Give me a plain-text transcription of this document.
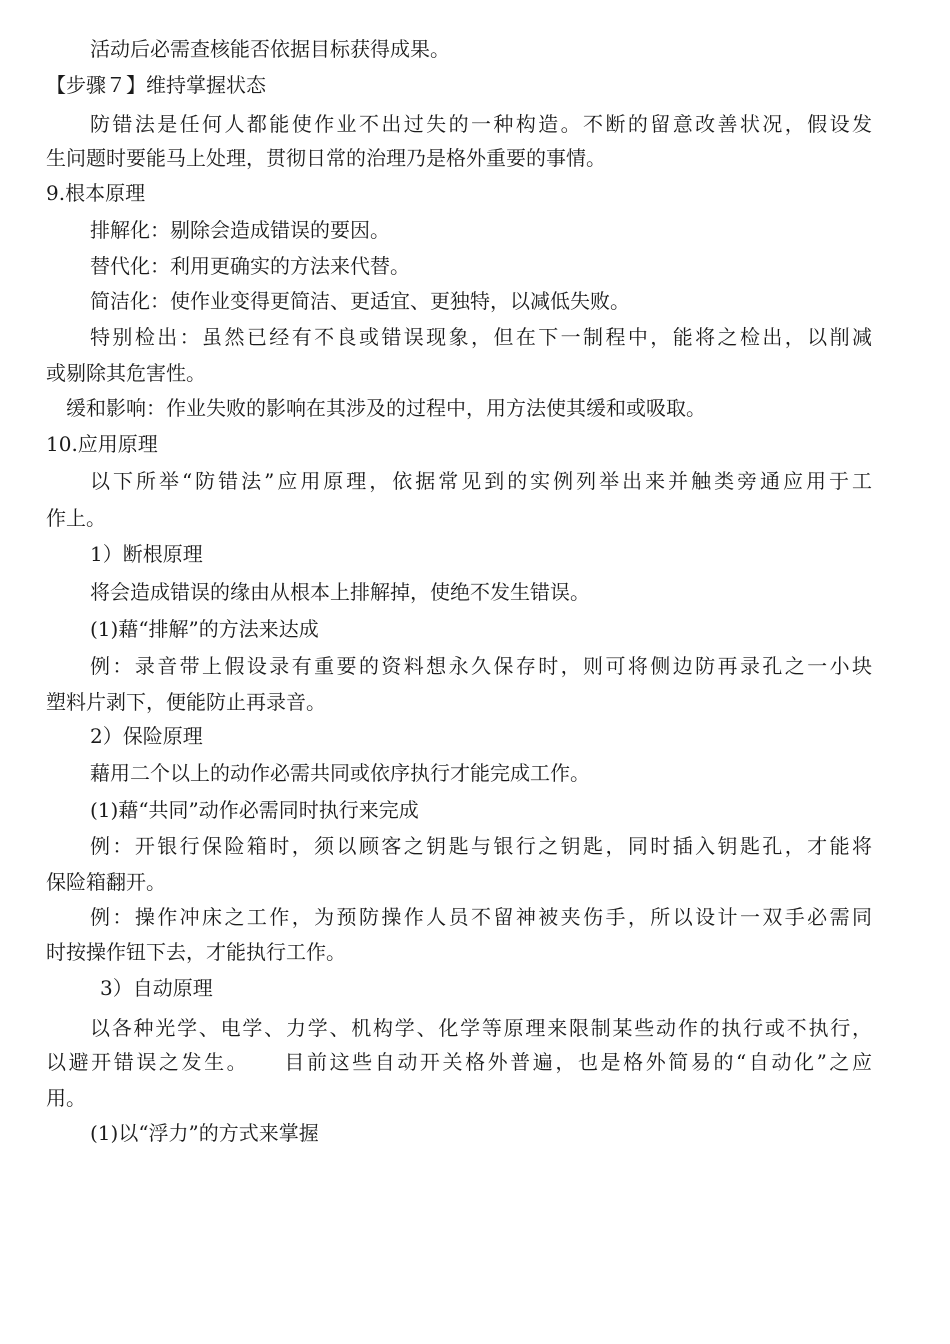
活动后必需查核能否依据目标获得成果。
【步骤７】维持掌握状态
防错法是任何人都能使作业不出过失的一种构造。不断的留意改善状况，假设发
生问题时要能马上处理，贯彻日常的治理乃是格外重要的事情。
9.根本原理
排解化：剔除会造成错误的要因。
替代化：利用更确实的方法来代替。
简洁化：使作业变得更简洁、更适宜、更独特，以减低失败。
特别检出：虽然已经有不良或错误现象，但在下一制程中，能将之检出，以削减
或剔除其危害性。
缓和影响：作业失败的影响在其涉及的过程中，用方法使其缓和或吸取。
10.应用原理
以下所举“防错法”应用原理，依据常见到的实例列举出来并触类旁通应用于工
作上。
1）断根原理
将会造成错误的缘由从根本上排解掉，使绝不发生错误。
(1)藉“排解”的方法来达成
例：录音带上假设录有重要的资料想永久保存时，则可将侧边防再录孔之一小块
塑料片剥下，便能防止再录音。
2）保险原理
藉用二个以上的动作必需共同或依序执行才能完成工作。
(1)藉“共同”动作必需同时执行来完成
例：开银行保险箱时，须以顾客之钥匙与银行之钥匙，同时插入钥匙孔，才能将
保险箱翻开。
例：操作冲床之工作，为预防操作人员不留神被夹伤手，所以设计一双手必需同
时按操作钮下去，才能执行工作。
3）自动原理
以各种光学、电学、力学、机构学、化学等原理来限制某些动作的执行或不执行，
以避开错误之发生。　　目前这些自动开关格外普遍，也是格外简易的“自动化”之应
用。
(1)以“浮力”的方式来掌握
